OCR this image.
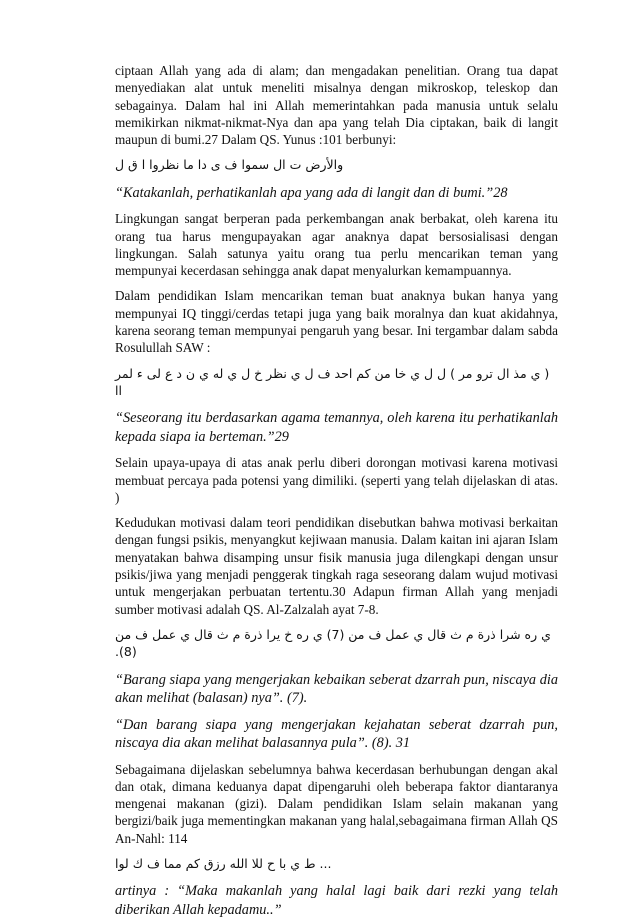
ciptaan Allah yang ada di alam; dan mengadakan penelitian. Orang tua dapat menyediakan alat untuk meneliti misalnya dengan mikroskop, teleskop dan sebagainya. Dalam hal ini Allah memerintahkan pada manusia untuk selalu memikirkan nikmat-nikmat-Nya dan apa yang telah Dia ciptakan, baik di langit maupun di bumi.27 Dalam QS. Yunus :101 berbunyi:

والأرض ت ال سموا ف ى دا ما نظروا ا ق ل

“Katakanlah, perhatikanlah apa yang ada di langit dan di bumi.”28

Lingkungan sangat berperan pada perkembangan anak berbakat, oleh karena itu orang tua harus mengupayakan agar anaknya dapat bersosialisasi dengan lingkungan. Salah satunya yaitu orang tua perlu mencarikan teman yang mempunyai kecerdasan sehingga anak dapat menyalurkan kemampuannya.

Dalam pendidikan Islam mencarikan teman buat anaknya bukan hanya yang mempunyai IQ tinggi/cerdas tetapi juga yang baik moralnya dan kuat akidahnya, karena seorang teman mempunyai pengaruh yang besar. Ini tergambar dalam sabda Rosulullah SAW :

( ي مذ ال ترو مر ) ل ل ي خا من كم احد ف ل ي نظر خ ل ي له ي ن د ع لى ء لمر اا

“Seseorang itu berdasarkan agama temannya, oleh karena itu perhatikanlah kepada siapa ia berteman.”29

Selain upaya-upaya di atas anak perlu diberi dorongan motivasi karena motivasi membuat percaya pada potensi yang dimiliki. (seperti yang telah dijelaskan di atas. )

Kedudukan motivasi dalam teori pendidikan disebutkan bahwa motivasi berkaitan dengan fungsi psikis, menyangkut kejiwaan manusia. Dalam kaitan ini ajaran Islam menyatakan bahwa disamping unsur fisik manusia juga dilengkapi dengan unsur psikis/jiwa yang menjadi penggerak tingkah raga seseorang dalam wujud motivasi untuk mengerjakan perbuatan tertentu.30 Adapun firman Allah yang menjadi sumber motivasi adalah QS. Al-Zalzalah ayat 7-8.

ي ره شرا ذرة م ث قال ي عمل ف من (7) ي ره خ يرا ذرة م ث قال ي عمل ف من (8).

“Barang siapa yang mengerjakan kebaikan seberat dzarrah pun, niscaya dia akan melihat (balasan) nya”. (7).

“Dan barang siapa yang mengerjakan kejahatan seberat dzarrah pun, niscaya dia akan melihat balasannya pula”. (8). 31

Sebagaimana dijelaskan sebelumnya bahwa kecerdasan berhubungan dengan akal dan otak, dimana keduanya dapat dipengaruhi oleh beberapa faktor diantaranya mengenai makanan (gizi). Dalam pendidikan Islam selain makanan yang bergizi/baik juga mementingkan makanan yang halal,sebagaimana firman Allah QS An-Nahl: 114

... ط ي با ح للا الله رزق كم مما ف ك لوا

artinya : “Maka makanlah yang halal lagi baik dari rezki yang telah diberikan Allah kepadamu..”
